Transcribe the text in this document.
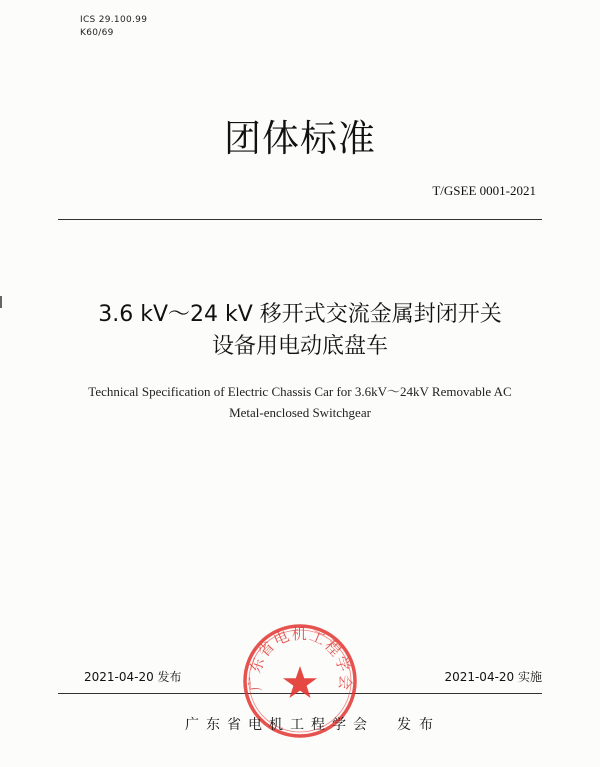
ICS 29.100.99
K60/69
团体标准
T/GSEE 0001-2021
3.6 kV～24 kV 移开式交流金属封闭开关
设备用电动底盘车
Technical Specification of Electric Chassis Car for 3.6kV～24kV Removable AC
Metal-enclosed Switchgear
2021-04-20 发布	2021-04-20 实施
广东省电机工程学会
广东省电机工程学会 发布
